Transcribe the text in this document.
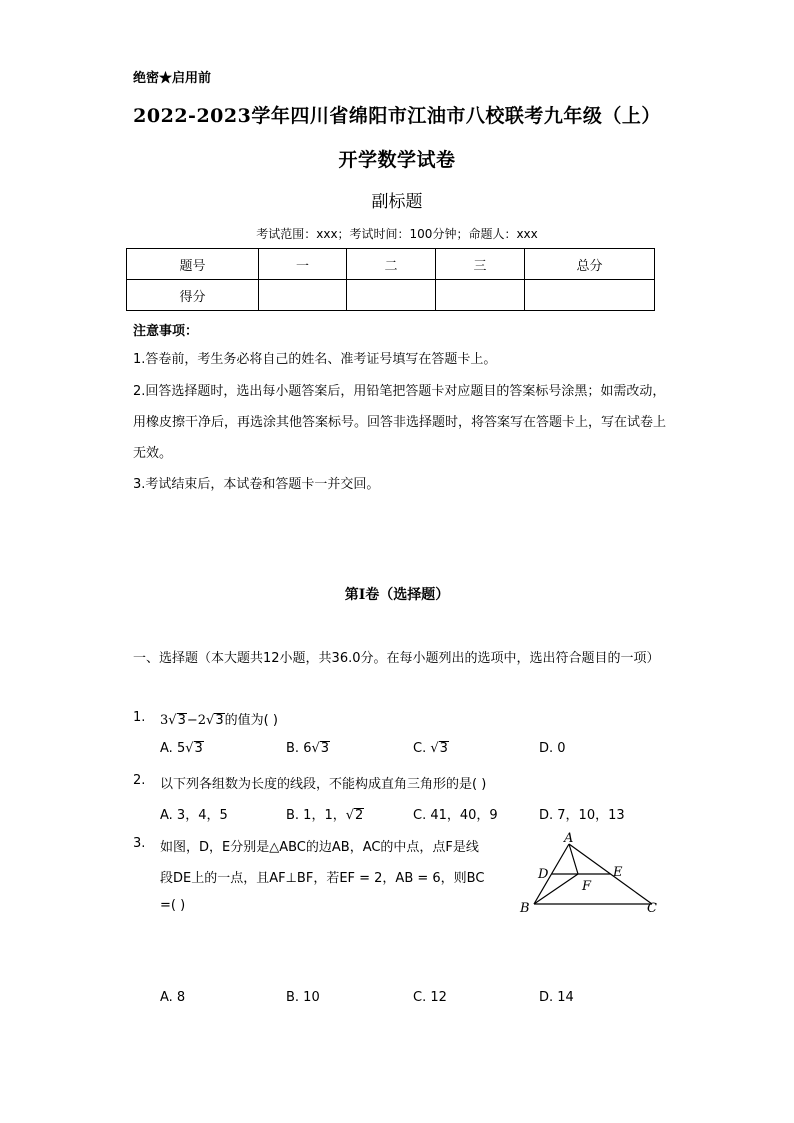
绝密★启用前
2022-2023学年四川省绵阳市江油市八校联考九年级（上）
开学数学试卷
副标题
考试范围：xxx；考试时间：100分钟；命题人：xxx
题号	一	二	三	总分
得分				
注意事项：
1.答卷前，考生务必将自己的姓名、准考证号填写在答题卡上。
2.回答选择题时，选出每小题答案后，用铅笔把答题卡对应题目的答案标号涂黑；如需改动，用橡皮擦干净后，再选涂其他答案标号。回答非选择题时，将答案写在答题卡上，写在试卷上无效。
3.考试结束后，本试卷和答题卡一并交回。
第Ⅰ卷（选择题）
一、选择题（本大题共12小题，共36.0分。在每小题列出的选项中，选出符合题目的一项）
1. 3√3−2√3的值为( )
A. 5√3	B. 6√3	C. √3	D. 0
2. 以下列各组数为长度的线段，不能构成直角三角形的是( )
A. 3，4，5	B. 1，1，√2	C. 41，40，9	D. 7，10，13
3. 如图，D，E分别是△ABC的边AB，AC的中点，点F是线
段DE上的一点，且AF⊥BF，若EF = 2，AB = 6，则BC
=( )
A
D	E
F
B	C
A. 8	B. 10	C. 12	D. 14
